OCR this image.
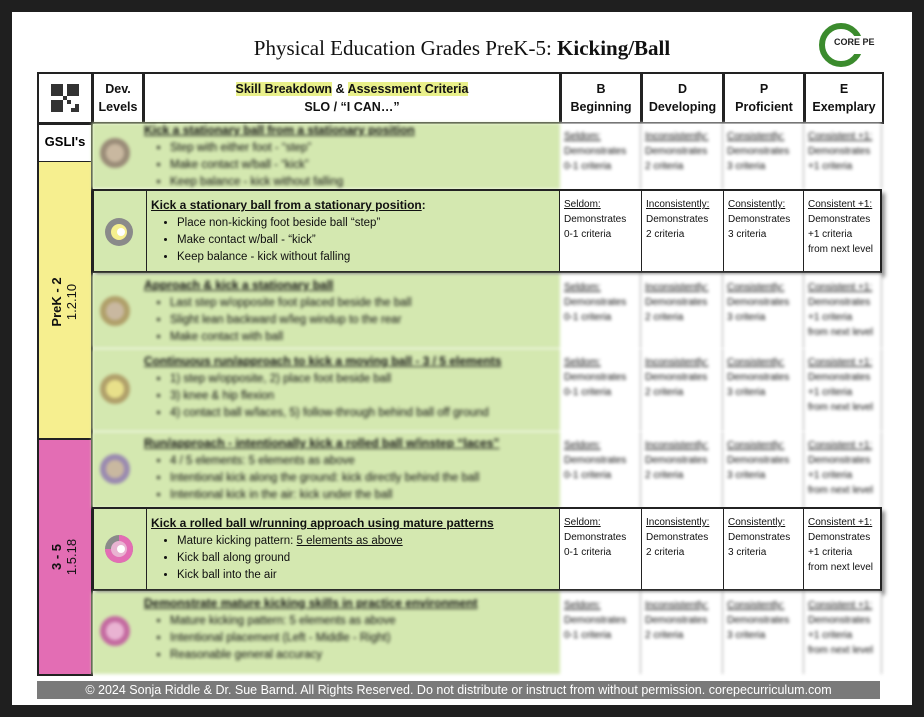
Physical Education Grades PreK-5: Kicking/Ball	CORE PE
Dev. Levels
Skill Breakdown & Assessment Criteria
SLO / “I CAN…”
B
Beginning
D
Developing
P
Proficient
E
Exemplary
GSLI's
PreK - 2 1.2.10
3 - 5 1.5.18
Kick a stationary ball from a stationary position
• Step with either foot - “step”
• Make contact w/ball - “kick”
• Keep balance - kick without falling
Seldom:
Demonstrates
0-1 criteria
Inconsistently:
Demonstrates
2 criteria
Consistently:
Demonstrates
3 criteria
Consistent +1:
Demonstrates
+1 criteria
Kick a stationary ball from a stationary position:
• Place non-kicking foot beside ball “step”
• Make contact w/ball - “kick”
• Keep balance - kick without falling
Seldom:
Demonstrates
0-1 criteria
Inconsistently:
Demonstrates
2 criteria
Consistently:
Demonstrates
3 criteria
Consistent +1:
Demonstrates
+1 criteria
from next level
Approach & kick a stationary ball
• Last step w/opposite foot placed beside the ball
• Slight lean backward w/leg windup to the rear
• Make contact with ball
Seldom:
Demonstrates
0-1 criteria
Inconsistently:
Demonstrates
2 criteria
Consistently:
Demonstrates
3 criteria
Consistent +1:
Demonstrates
+1 criteria
from next level
Continuous run/approach to kick a moving ball - 3 / 5 elements
• 1) step w/opposite, 2) place foot beside ball
• 3) knee & hip flexion
• 4) contact ball w/laces, 5) follow-through behind ball off ground
Seldom:
Demonstrates
0-1 criteria
Inconsistently:
Demonstrates
2 criteria
Consistently:
Demonstrates
3 criteria
Consistent +1:
Demonstrates
+1 criteria
from next level
Run/approach - intentionally kick a rolled ball w/instep “laces”
• 4 / 5 elements: 5 elements as above
• Intentional kick along the ground: kick directly behind the ball
• Intentional kick in the air: kick under the ball
Seldom:
Demonstrates
0-1 criteria
Inconsistently:
Demonstrates
2 criteria
Consistently:
Demonstrates
3 criteria
Consistent +1:
Demonstrates
+1 criteria
from next level
Kick a rolled ball w/running approach using mature patterns
• Mature kicking pattern: 5 elements as above
• Kick ball along ground
• Kick ball into the air
Seldom:
Demonstrates
0-1 criteria
Inconsistently:
Demonstrates
2 criteria
Consistently:
Demonstrates
3 criteria
Consistent +1:
Demonstrates
+1 criteria
from next level
Demonstrate mature kicking skills in practice environment
• Mature kicking pattern: 5 elements as above
• Intentional placement (Left - Middle - Right)
• Reasonable general accuracy
Seldom:
Demonstrates
0-1 criteria
Inconsistently:
Demonstrates
2 criteria
Consistently:
Demonstrates
3 criteria
Consistent +1:
Demonstrates
+1 criteria
from next level
© 2024 Sonja Riddle & Dr. Sue Barnd. All Rights Reserved. Do not distribute or instruct from without permission. corepecurriculum.com
